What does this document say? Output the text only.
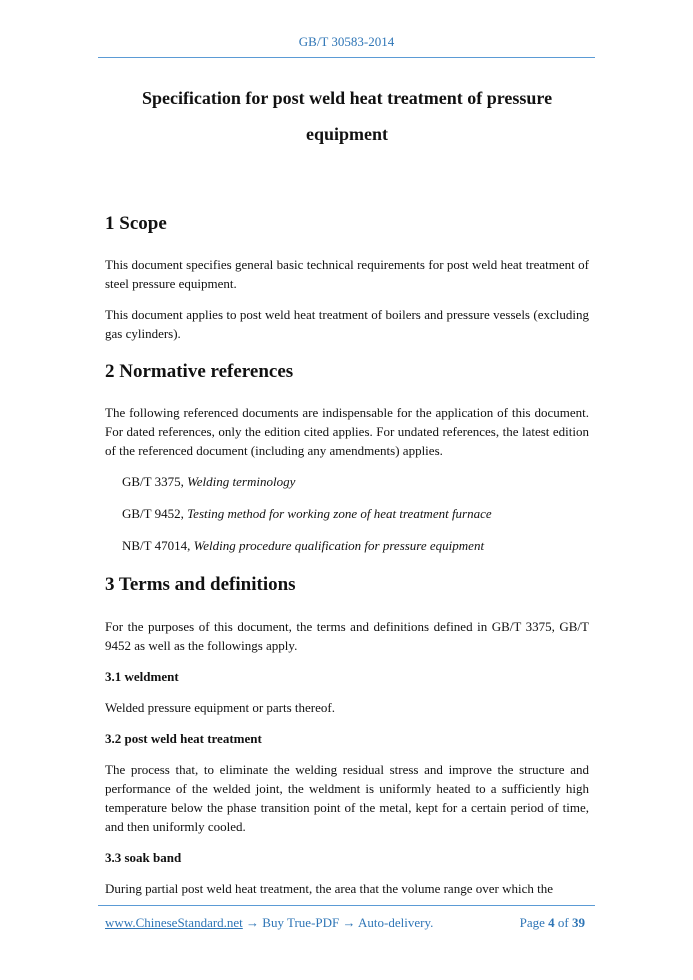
GB/T 30583-2014
Specification for post weld heat treatment of pressure
equipment
1 Scope

This document specifies general basic technical requirements for post weld heat treatment of steel pressure equipment.

This document applies to post weld heat treatment of boilers and pressure vessels (excluding gas cylinders).

2 Normative references

The following referenced documents are indispensable for the application of this document. For dated references, only the edition cited applies. For undated references, the latest edition of the referenced document (including any amendments) applies.

GB/T 3375, Welding terminology
GB/T 9452, Testing method for working zone of heat treatment furnace
NB/T 47014, Welding procedure qualification for pressure equipment
3 Terms and definitions

For the purposes of this document, the terms and definitions defined in GB/T 3375, GB/T 9452 as well as the followings apply.

3.1 weldment

Welded pressure equipment or parts thereof.

3.2 post weld heat treatment

The process that, to eliminate the welding residual stress and improve the structure and performance of the welded joint, the weldment is uniformly heated to a sufficiently high temperature below the phase transition point of the metal, kept for a certain period of time, and then uniformly cooled.

3.3 soak band

During partial post weld heat treatment, the area that the volume range over which the

www.ChineseStandard.net → Buy True-PDF → Auto-delivery.	Page 4 of 39
